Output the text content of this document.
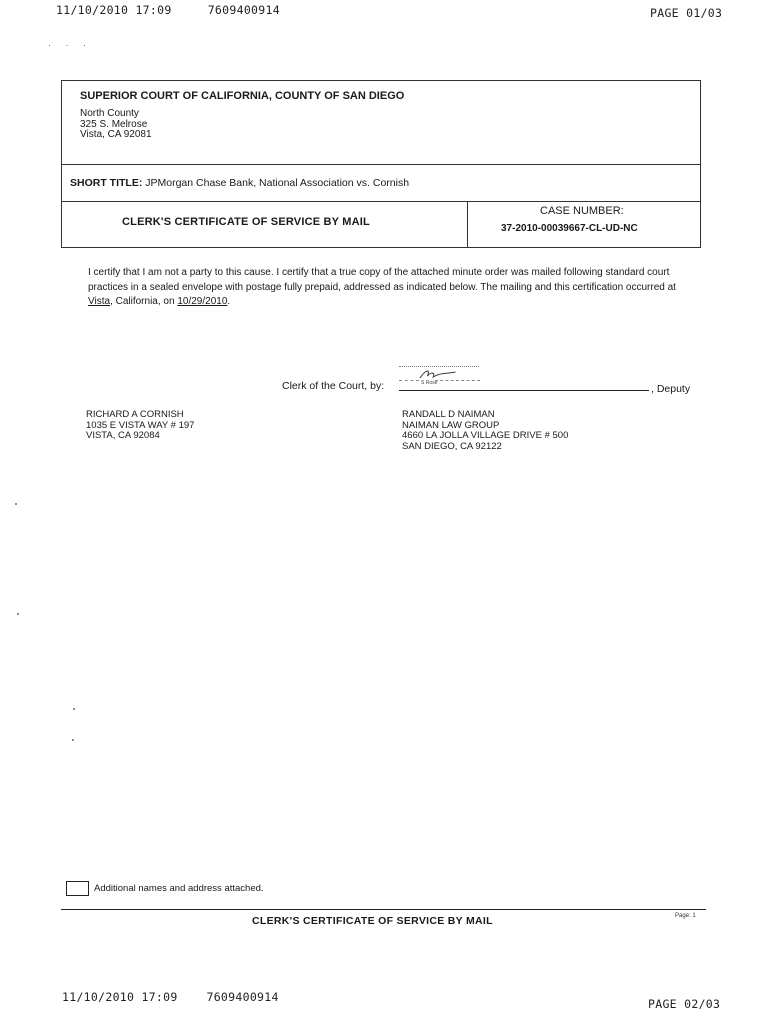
11/10/2010 17:09	7609400914	PAGE 01/03
· · ·
SUPERIOR COURT OF CALIFORNIA, COUNTY OF SAN DIEGO
North County
325 S. Melrose
Vista, CA 92081
SHORT TITLE: JPMorgan Chase Bank, National Association vs. Cornish
CLERK'S CERTIFICATE OF SERVICE BY MAIL
CASE NUMBER:
37-2010-00039667-CL-UD-NC
I certify that I am not a party to this cause. I certify that a true copy of the attached minute order was mailed following standard court practices in a sealed envelope with postage fully prepaid, addressed as indicated below. The mailing and this certification occurred at Vista, California, on 10/29/2010.
Clerk of the Court, by:	S Rose	, Deputy
RICHARD A CORNISH
1035 E VISTA WAY # 197
VISTA, CA 92084
RANDALL D NAIMAN
NAIMAN LAW GROUP
4660 LA JOLLA VILLAGE DRIVE # 500
SAN DIEGO, CA 92122
Additional names and address attached.
CLERK'S CERTIFICATE OF SERVICE BY MAIL	Page: 1
11/10/2010 17:09	7609400914	PAGE 02/03
